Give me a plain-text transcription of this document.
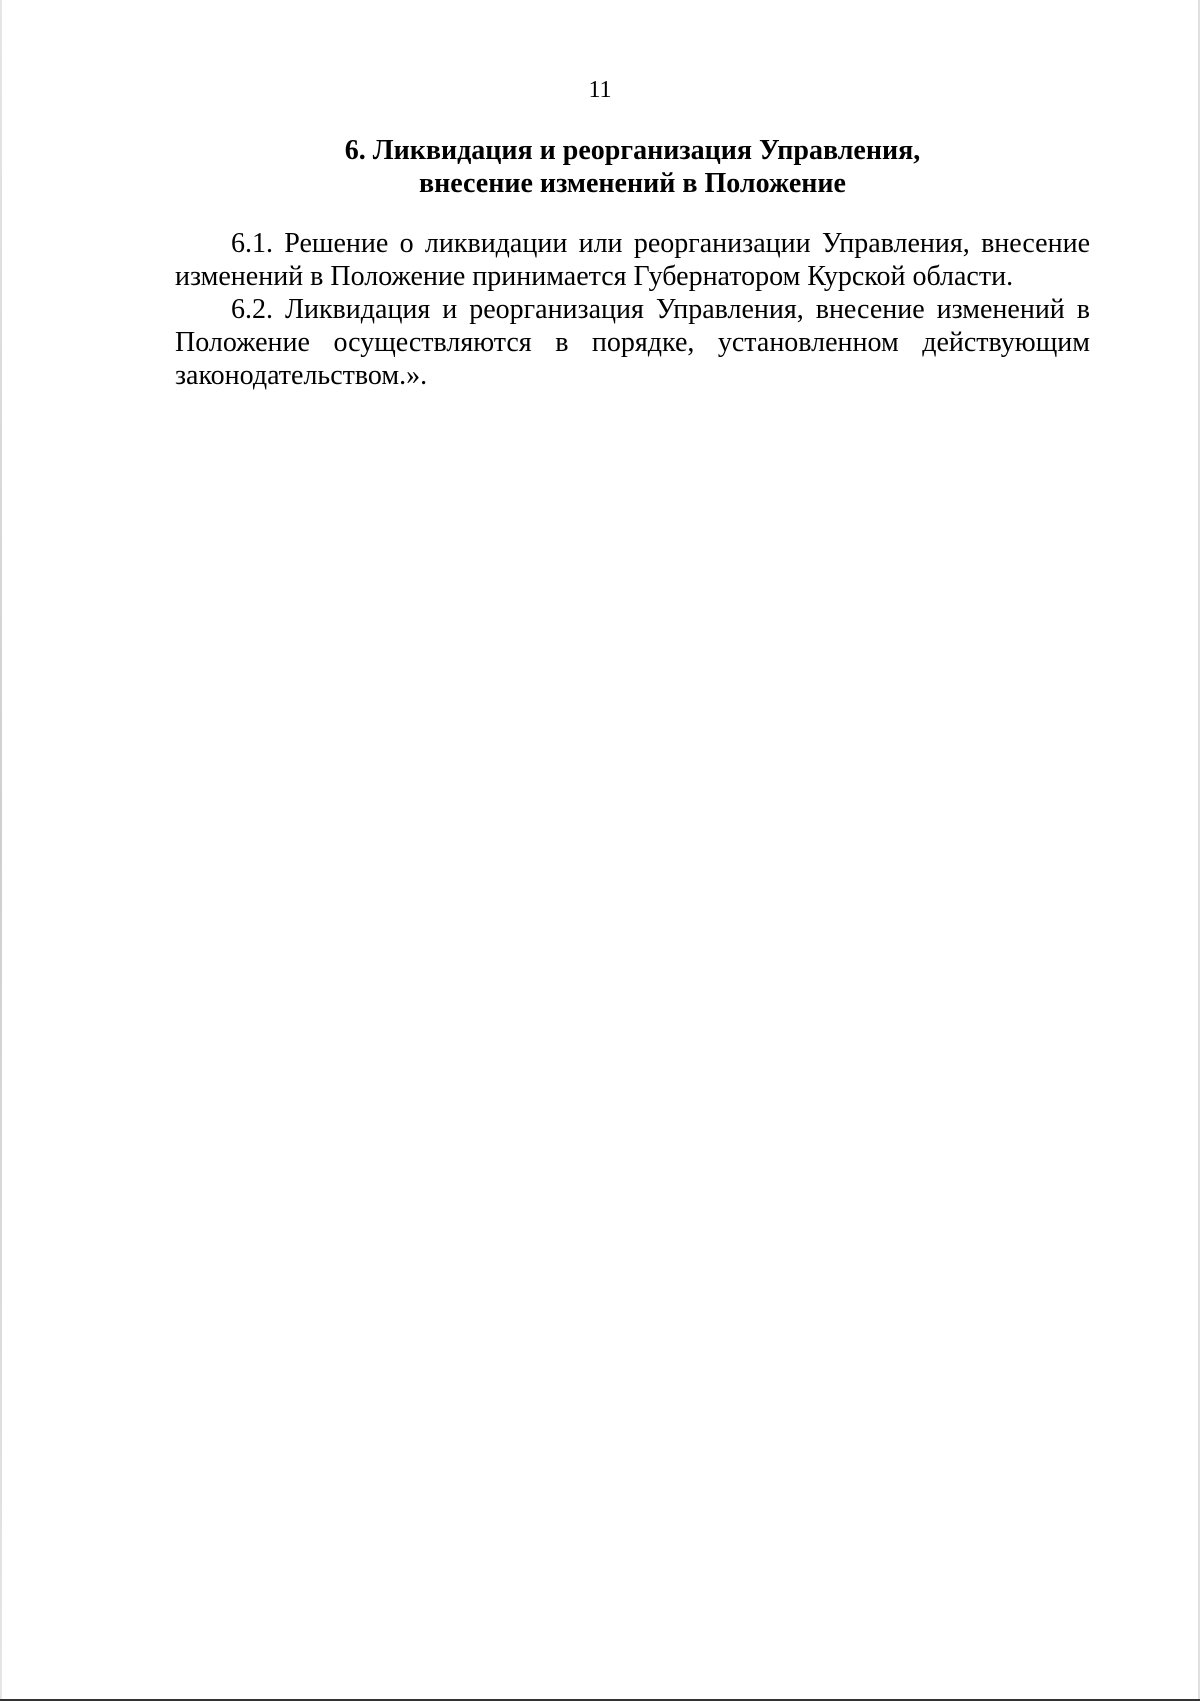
11
6. Ликвидация и реорганизация Управления,
внесение изменений в Положение

6.1. Решение о ликвидации или реорганизации Управления, внесение изменений в Положение принимается Губернатором Курской области.

6.2. Ликвидация и реорганизация Управления, внесение изменений в Положение осуществляются в порядке, установленном действующим законодательством.».
